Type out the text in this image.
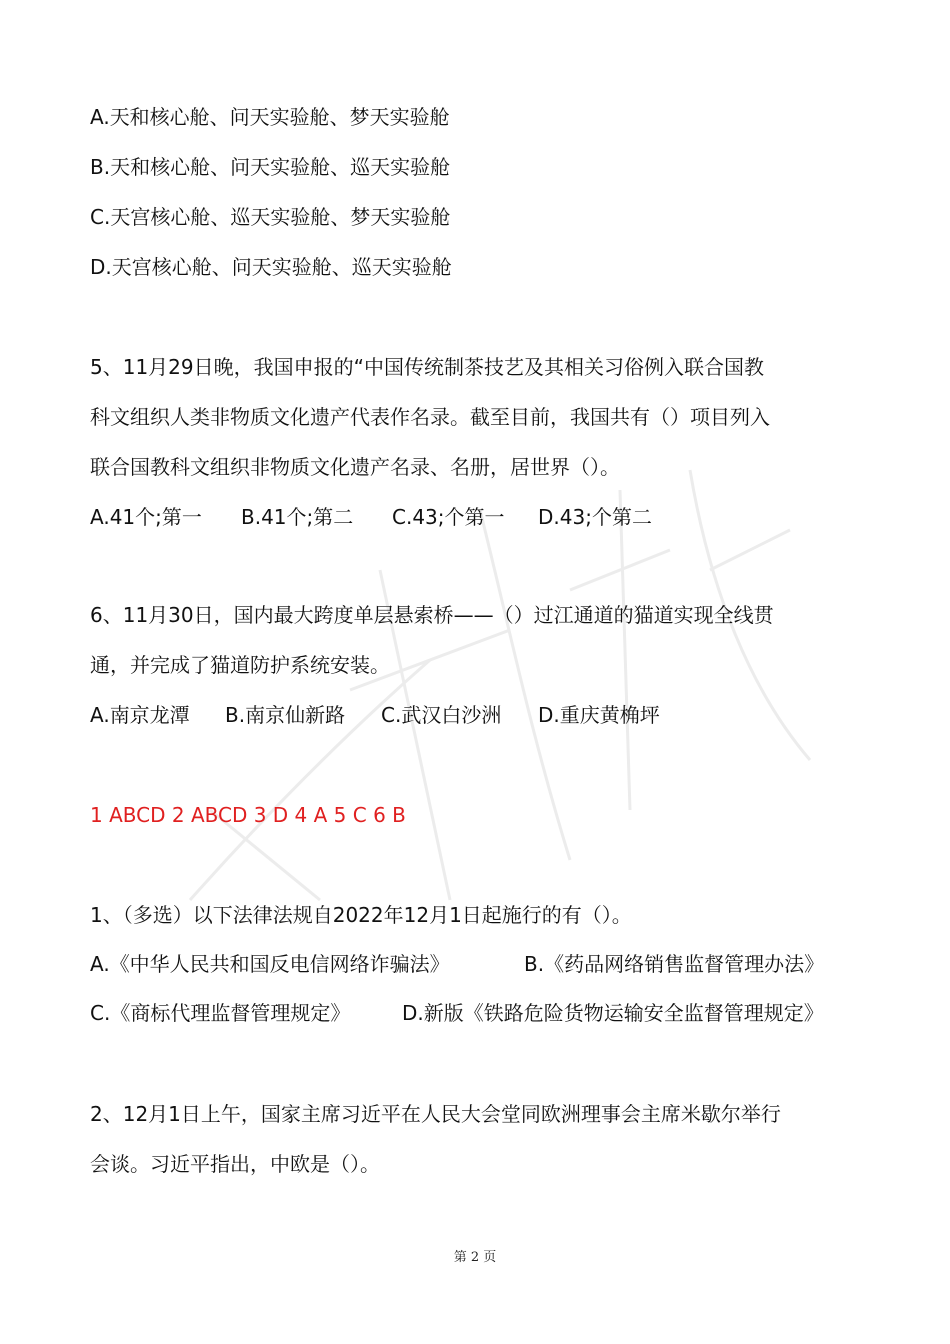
A.天和核心舱、问天实验舱、梦天实验舱
B.天和核心舱、问天实验舱、巡天实验舱
C.天宫核心舱、巡天实验舱、梦天实验舱
D.天宫核心舱、问天实验舱、巡天实验舱
5、11月29日晚，我国申报的“中国传统制茶技艺及其相关习俗例入联合国教
科文组织人类非物质文化遗产代表作名录。截至目前，我国共有（）项目列入
联合国教科文组织非物质文化遗产名录、名册，居世界（）。
A.41个;第一 B.41个;第二 C.43;个第一 D.43;个第二
6、11月30日，国内最大跨度单层悬索桥——（）过江通道的猫道实现全线贯
通，并完成了猫道防护系统安装。
A.南京龙潭 B.南京仙新路 C.武汉白沙洲 D.重庆黄桷坪
1 ABCD 2 ABCD 3 D 4 A 5 C 6 B
1、（多选）以下法律法规自2022年12月1日起施行的有（）。
A.《中华人民共和国反电信网络诈骗法》	B.《药品网络销售监督管理办法》
C.《商标代理监督管理规定》	D.新版《铁路危险货物运输安全监督管理规定》
2、12月1日上午，国家主席习近平在人民大会堂同欧洲理事会主席米歇尔举行
会谈。习近平指出，中欧是（）。
第 2 页
